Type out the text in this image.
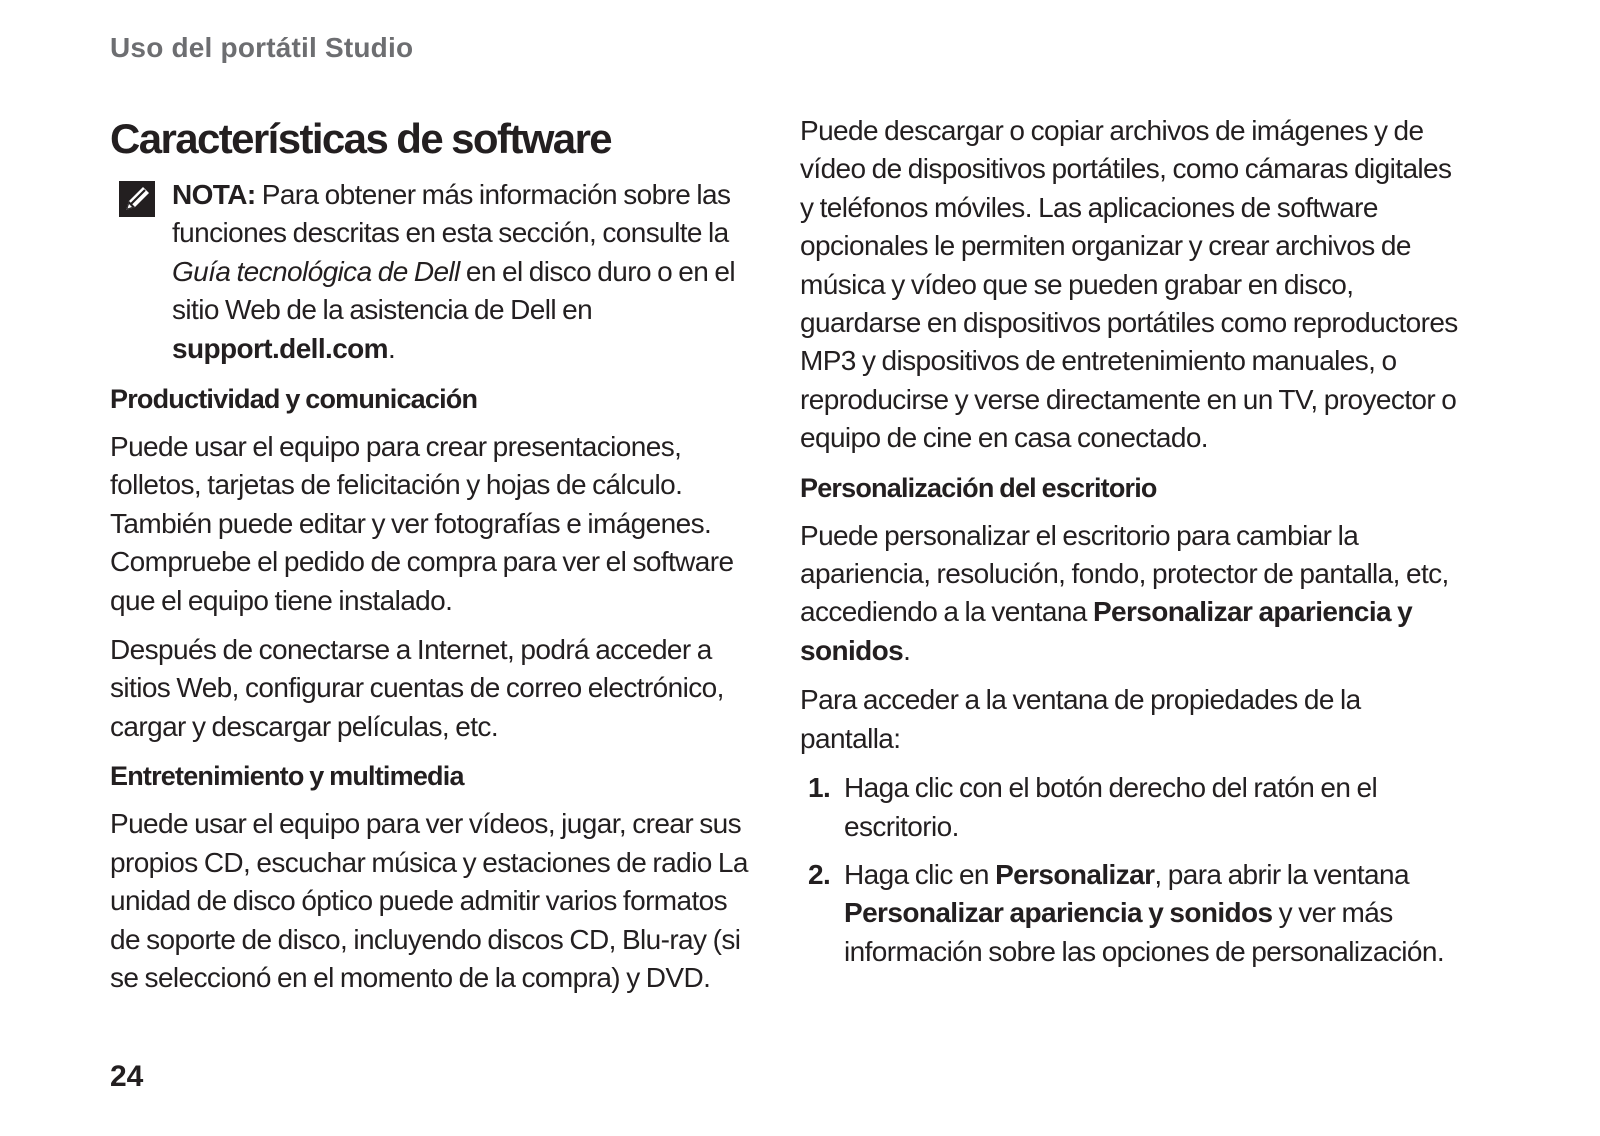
Uso del portátil Studio
Características de software
NOTA: Para obtener más información sobre las funciones descritas en esta sección, consulte la Guía tecnológica de Dell en el disco duro o en el sitio Web de la asistencia de Dell en support.dell.com.
Productividad y comunicación

Puede usar el equipo para crear presentaciones, folletos, tarjetas de felicitación y hojas de cálculo. También puede editar y ver fotografías e imágenes. Compruebe el pedido de compra para ver el software que el equipo tiene instalado.

Después de conectarse a Internet, podrá acceder a sitios Web, configurar cuentas de correo electrónico, cargar y descargar películas, etc.

Entretenimiento y multimedia

Puede usar el equipo para ver vídeos, jugar, crear sus propios CD, escuchar música y estaciones de radio La unidad de disco óptico puede admitir varios formatos de soporte de disco, incluyendo discos CD, Blu-ray (si se seleccionó en el momento de la compra) y DVD.

Puede descargar o copiar archivos de imágenes y de vídeo de dispositivos portátiles, como cámaras digitales y teléfonos móviles. Las aplicaciones de software opcionales le permiten organizar y crear archivos de música y vídeo que se pueden grabar en disco, guardarse en dispositivos portátiles como reproductores MP3 y dispositivos de entretenimiento manuales, o reproducirse y verse directamente en un TV, proyector o equipo de cine en casa conectado.

Personalización del escritorio

Puede personalizar el escritorio para cambiar la apariencia, resolución, fondo, protector de pantalla, etc, accediendo a la ventana Personalizar apariencia y sonidos.

Para acceder a la ventana de propiedades de la pantalla:

1. Haga clic con el botón derecho del ratón en el escritorio.
2. Haga clic en Personalizar, para abrir la ventana Personalizar apariencia y sonidos y ver más información sobre las opciones de personalización.
24
